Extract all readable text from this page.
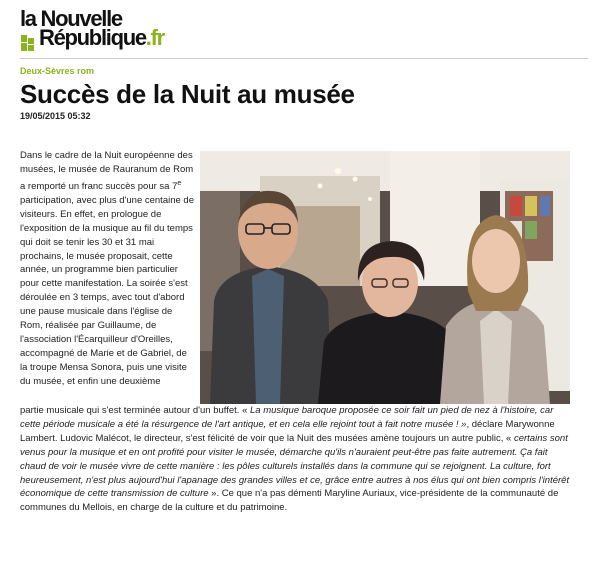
la Nouvelle
République.fr
Deux-Sèvres rom
Succès de la Nuit au musée
19/05/2015 05:32

Dans le cadre de la Nuit européenne des musées, le musée de Rauranum de Rom a remporté un franc succès pour sa 7e participation, avec plus d'une centaine de visiteurs. En effet, en prologue de l'exposition de la musique au fil du temps qui doit se tenir les 30 et 31 mai prochains, le musée proposait, cette année, un programme bien particulier pour cette manifestation. La soirée s'est déroulée en 3 temps, avec tout d'abord une pause musicale dans l'église de Rom, réalisée par Guillaume, de l'association l'Écarquilleur d'Oreilles, accompagné de Marie et de Gabriel, de la troupe Mensa Sonora, puis une visite du musée, et enfin une deuxième

partie musicale qui s'est terminée autour d'un buffet. « La musique baroque proposée ce soir fait un pied de nez à l'histoire, car cette période musicale a été la résurgence de l'art antique, et en cela elle rejoint tout à fait notre musée ! », déclare Marywonne Lambert. Ludovic Malécot, le directeur, s'est félicité de voir que la Nuit des musées amène toujours un autre public, « certains sont venus pour la musique et en ont profité pour visiter le musée, démarche qu'ils n'auraient peut-être pas faite autrement. Ça fait chaud de voir le musée vivre de cette manière : les pôles culturels installés dans la commune qui se rejoignent. La culture, fort heureusement, n'est plus aujourd'hui l'apanage des grandes villes et ce, grâce entre autres à nos élus qui ont bien compris l'intérêt économique de cette transmission de culture ». Ce que n'a pas démenti Maryline Auriaux, vice-présidente de la communauté de communes du Mellois, en charge de la culture et du patrimoine.
